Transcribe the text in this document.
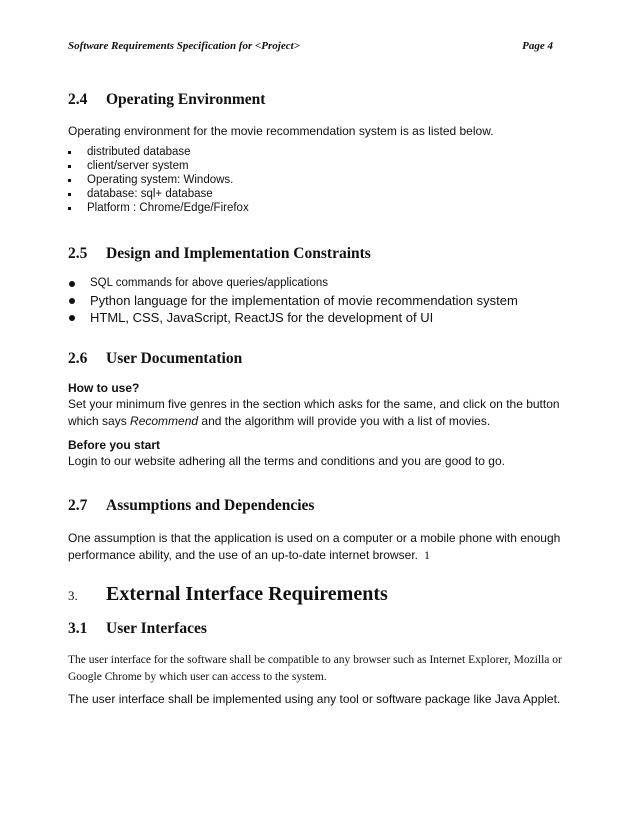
Software Requirements Specification for <Project>	Page 4
2.4 Operating Environment
Operating environment for the movie recommendation system is as listed below.
distributed database
client/server system
Operating system: Windows.
database: sql+ database
Platform : Chrome/Edge/Firefox
2.5 Design and Implementation Constraints
SQL commands for above queries/applications
Python language for the implementation of movie recommendation system
HTML, CSS, JavaScript, ReactJS for the development of UI
2.6 User Documentation
How to use?
Set your minimum five genres in the section which asks for the same, and click on the button which says Recommend and the algorithm will provide you with a list of movies.
Before you start
Login to our website adhering all the terms and conditions and you are good to go.
2.7 Assumptions and Dependencies
One assumption is that the application is used on a computer or a mobile phone with enough performance ability, and the use of an up-to-date internet browser. 1
3. External Interface Requirements
3.1 User Interfaces
The user interface for the software shall be compatible to any browser such as Internet Explorer, Mozilla or Google Chrome by which user can access to the system.
The user interface shall be implemented using any tool or software package like Java Applet.
